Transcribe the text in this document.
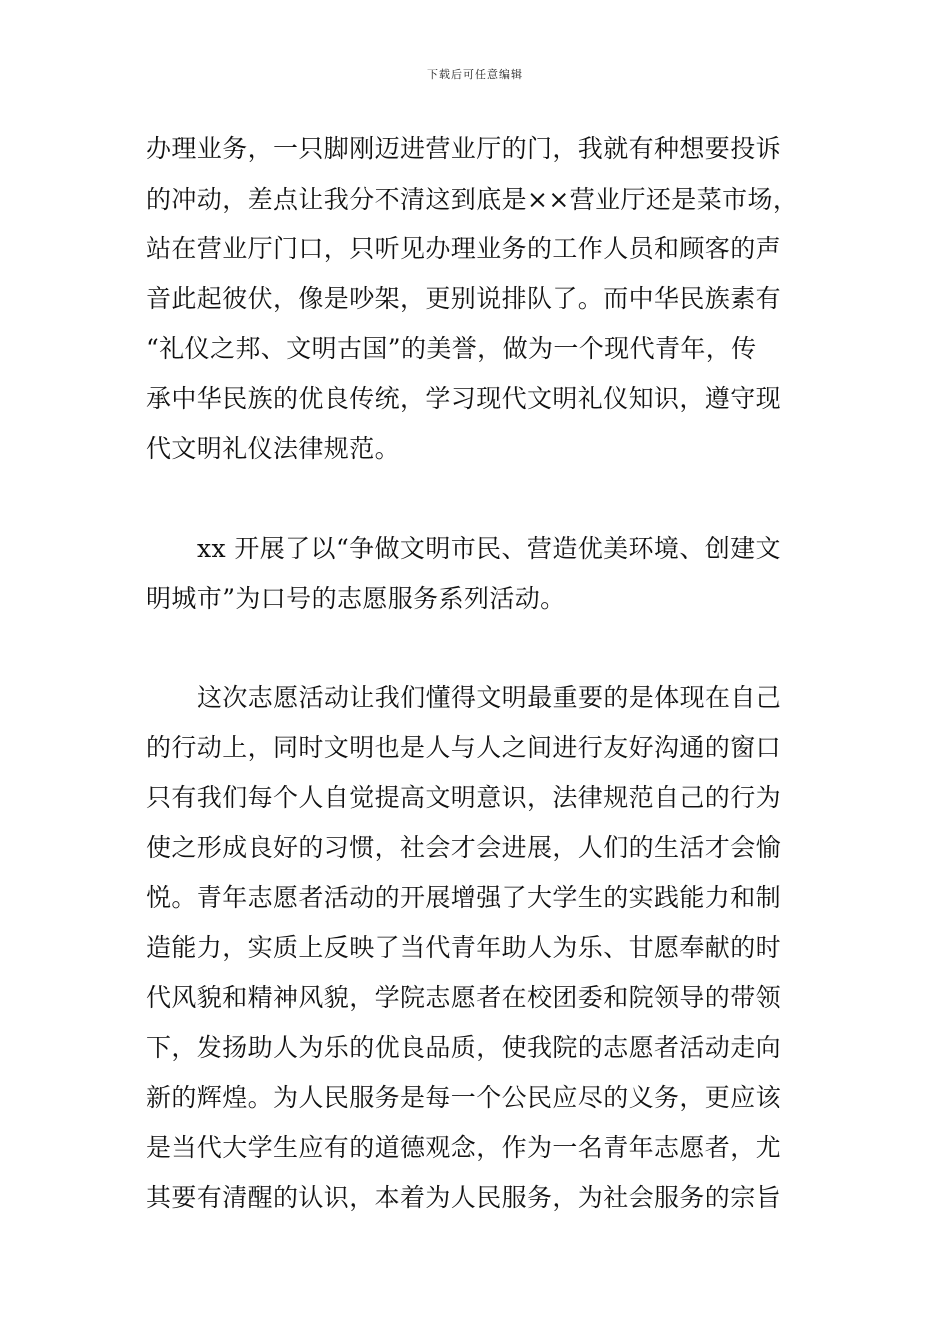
下载后可任意编辑
办理业务，一只脚刚迈进营业厅的门，我就有种想要投诉
的冲动，差点让我分不清这到底是××营业厅还是菜市场，
站在营业厅门口，只听见办理业务的工作人员和顾客的声
音此起彼伏，像是吵架，更别说排队了。而中华民族素有
“礼仪之邦、文明古国”的美誉，做为一个现代青年，传
承中华民族的优良传统，学习现代文明礼仪知识，遵守现
代文明礼仪法律规范。
xx 开展了以“争做文明市民、营造优美环境、创建文
明城市”为口号的志愿服务系列活动。
这次志愿活动让我们懂得文明最重要的是体现在自己
的行动上，同时文明也是人与人之间进行友好沟通的窗口
只有我们每个人自觉提高文明意识，法律规范自己的行为
使之形成良好的习惯，社会才会进展，人们的生活才会愉
悦。青年志愿者活动的开展增强了大学生的实践能力和制
造能力，实质上反映了当代青年助人为乐、甘愿奉献的时
代风貌和精神风貌，学院志愿者在校团委和院领导的带领
下，发扬助人为乐的优良品质，使我院的志愿者活动走向
新的辉煌。为人民服务是每一个公民应尽的义务，更应该
是当代大学生应有的道德观念，作为一名青年志愿者，尤
其要有清醒的认识，本着为人民服务，为社会服务的宗旨
